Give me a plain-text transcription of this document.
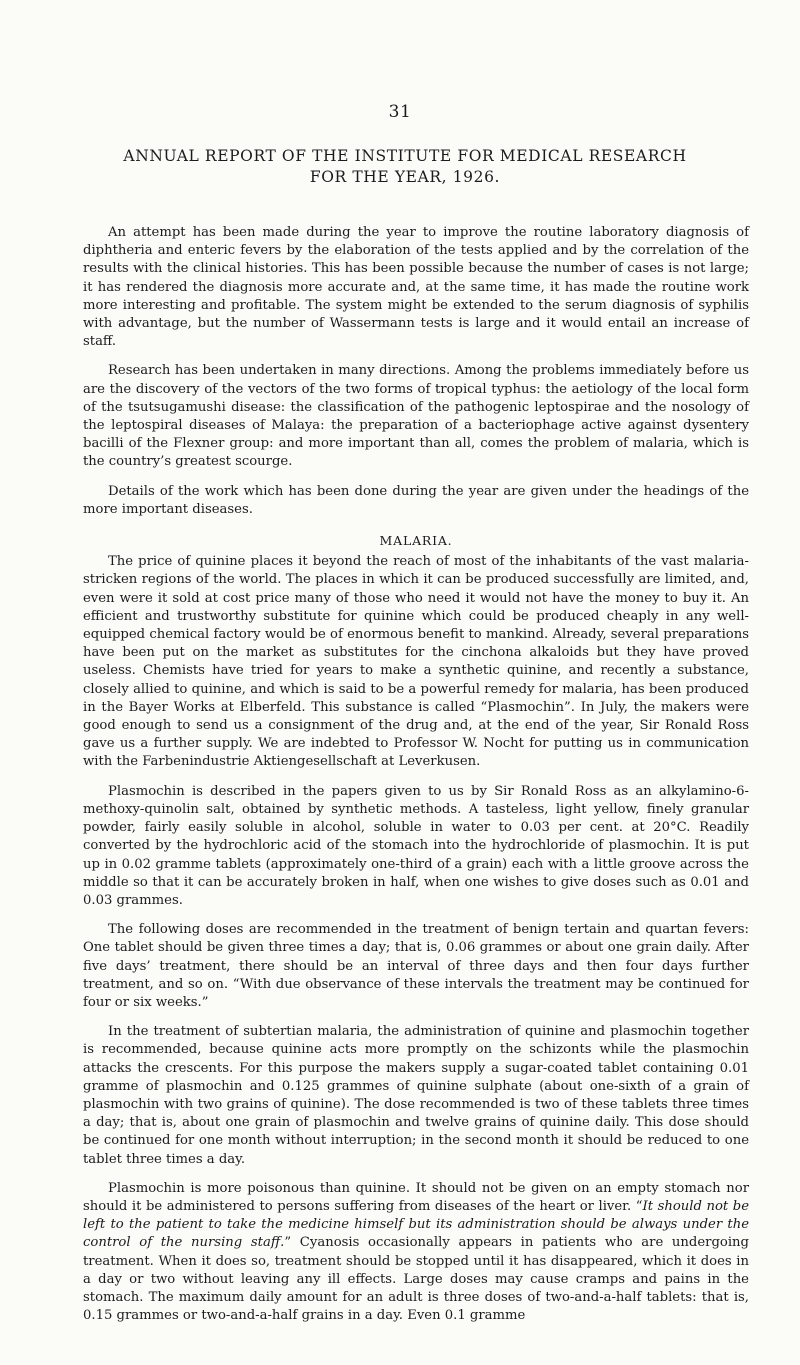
31
ANNUAL REPORT OF THE INSTITUTE FOR MEDICAL RESEARCH
FOR THE YEAR, 1926.

An attempt has been made during the year to improve the routine laboratory diagnosis of diphtheria and enteric fevers by the elaboration of the tests applied and by the correlation of the results with the clinical histories. This has been possible because the number of cases is not large; it has rendered the diagnosis more accurate and, at the same time, it has made the routine work more interesting and profitable. The system might be extended to the serum diagnosis of syphilis with advantage, but the number of Wassermann tests is large and it would entail an increase of staff.

Research has been undertaken in many directions. Among the problems immediately before us are the discovery of the vectors of the two forms of tropical typhus: the aetiology of the local form of the tsutsugamushi disease: the classification of the pathogenic leptospirae and the nosology of the leptospiral diseases of Malaya: the preparation of a bacteriophage active against dysentery bacilli of the Flexner group: and more important than all, comes the problem of malaria, which is the country’s greatest scourge.

Details of the work which has been done during the year are given under the headings of the more important diseases.

MALARIA.

The price of quinine places it beyond the reach of most of the inhabitants of the vast malaria-stricken regions of the world. The places in which it can be produced successfully are limited, and, even were it sold at cost price many of those who need it would not have the money to buy it. An efficient and trustworthy substitute for quinine which could be produced cheaply in any well-equipped chemical factory would be of enormous benefit to mankind. Already, several preparations have been put on the market as substitutes for the cinchona alkaloids but they have proved useless. Chemists have tried for years to make a synthetic quinine, and recently a substance, closely allied to quinine, and which is said to be a powerful remedy for malaria, has been produced in the Bayer Works at Elberfeld. This substance is called “Plasmochin”. In July, the makers were good enough to send us a consignment of the drug and, at the end of the year, Sir Ronald Ross gave us a further supply. We are indebted to Professor W. Nocht for putting us in communication with the Farbenindustrie Aktiengesellschaft at Leverkusen.

Plasmochin is described in the papers given to us by Sir Ronald Ross as an alkylamino-6-methoxy-quinolin salt, obtained by synthetic methods. A tasteless, light yellow, finely granular powder, fairly easily soluble in alcohol, soluble in water to 0.03 per cent. at 20°C. Readily converted by the hydrochloric acid of the stomach into the hydrochloride of plasmochin. It is put up in 0.02 gramme tablets (approximately one-third of a grain) each with a little groove across the middle so that it can be accurately broken in half, when one wishes to give doses such as 0.01 and 0.03 grammes.

The following doses are recommended in the treatment of benign tertain and quartan fevers: One tablet should be given three times a day; that is, 0.06 grammes or about one grain daily. After five days’ treatment, there should be an interval of three days and then four days further treatment, and so on. “With due observance of these intervals the treatment may be continued for four or six weeks.”

In the treatment of subtertian malaria, the administration of quinine and plasmochin together is recommended, because quinine acts more promptly on the schizonts while the plasmochin attacks the crescents. For this purpose the makers supply a sugar-coated tablet containing 0.01 gramme of plasmochin and 0.125 grammes of quinine sulphate (about one-sixth of a grain of plasmochin with two grains of quinine). The dose recommended is two of these tablets three times a day; that is, about one grain of plasmochin and twelve grains of quinine daily. This dose should be continued for one month without interruption; in the second month it should be reduced to one tablet three times a day.

Plasmochin is more poisonous than quinine. It should not be given on an empty stomach nor should it be administered to persons suffering from diseases of the heart or liver. “It should not be left to the patient to take the medicine himself but its administration should be always under the control of the nursing staff.” Cyanosis occasionally appears in patients who are undergoing treatment. When it does so, treatment should be stopped until it has disappeared, which it does in a day or two without leaving any ill effects. Large doses may cause cramps and pains in the stomach. The maximum daily amount for an adult is three doses of two-and-a-half tablets: that is, 0.15 grammes or two-and-a-half grains in a day. Even 0.1 gramme
